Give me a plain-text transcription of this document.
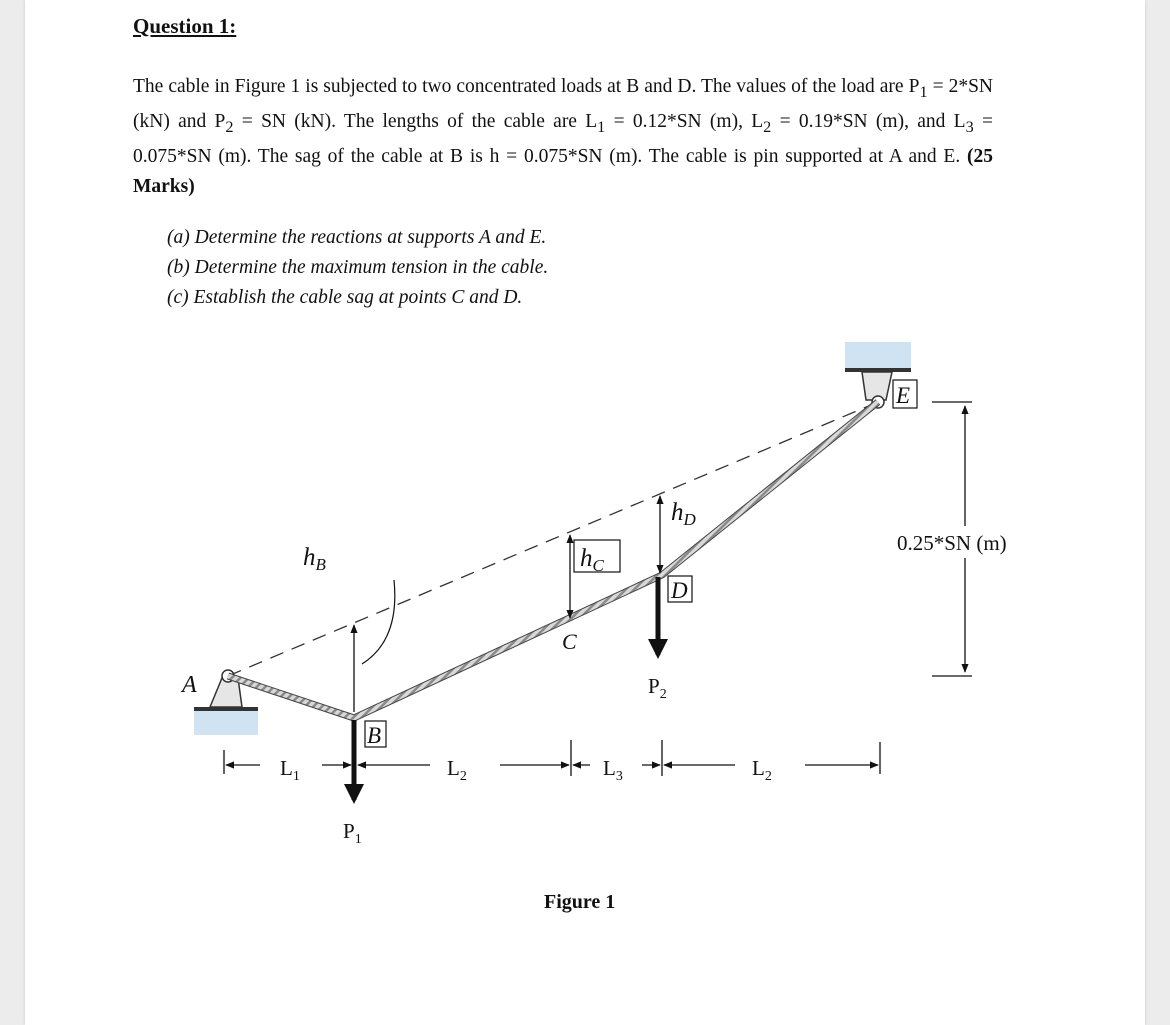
Question 1:

The cable in Figure 1 is subjected to two concentrated loads at B and D. The values of the load are $P_1 = 2*SN$ (kN) and $P_2$ = SN (kN). The lengths of the cable are $L_1 = 0.12*SN$ (m), $L_2 = 0.19*SN$ (m), and $L_3 = 0.075*SN$ (m). The sag of the cable at B is h = 0.075*SN (m). The cable is pin supported at A and E. (25 Marks)

(a) Determine the reactions at supports A and E.
(b) Determine the maximum tension in the cable.
(c) Establish the cable sag at points C and D.
A
B
C
D
E
$h_B$	$h_C$
$h_D$
$P_2$
$P_1$
$L_1$	$L_2$	$L_3$	$L_2$
0.25*SN (m)
Figure 1
